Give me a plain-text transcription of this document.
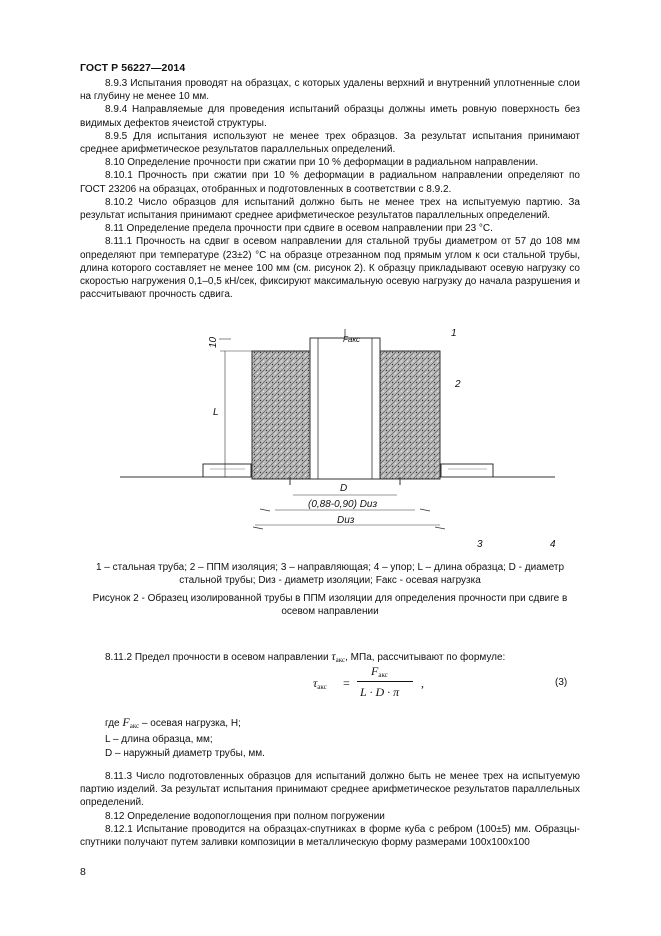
ГОСТ Р 56227—2014

8.9.3 Испытания проводят на образцах, с которых удалены верхний и внутренний уплотненные слои на глубину не менее 10 мм.

8.9.4 Направляемые для проведения испытаний образцы должны иметь ровную поверхность без видимых дефектов ячеистой структуры.

8.9.5 Для испытания используют не менее трех образцов. За результат испытания принимают среднее арифметическое результатов параллельных определений.

8.10 Определение прочности при сжатии при 10 % деформации в радиальном направлении.

8.10.1 Прочность при сжатии при 10 % деформации в радиальном направлении определяют по ГОСТ 23206 на образцах, отобранных и подготовленных в соответствии с 8.9.2.

8.10.2 Число образцов для испытаний должно быть не менее трех на испытуемую партию. За результат испытания принимают среднее арифметическое результатов параллельных определений.

8.11 Определение предела прочности при сдвиге в осевом направлении при 23 °С.

8.11.1 Прочность на сдвиг в осевом направлении для стальной трубы диаметром от 57 до 108 мм определяют при температуре (23±2) °С на образце отрезанном под прямым углом к оси стальной трубы, длина которого составляет не менее 100 мм (см. рисунок 2). К образцу прикладывают осевую нагрузку со скоростью нагружения 0,1–0,5 кН/сек, фиксируют максимальную осевую нагрузку до начала разрушения и рассчитывают прочность сдвига.

Fакс
1
2
10
L
D
(0,88-0,90) Dиз
Dиз
3	4
1 – стальная труба; 2 – ППМ изоляция; 3 – направляющая; 4 – упор; L – длина образца; D - диаметр стальной трубы; Dиз - диаметр изоляции; Fакс - осевая нагрузка
Рисунок 2 - Образец изолированной трубы в ППМ изоляции для определения прочности при сдвиге в осевом направлении
8.11.2 Предел прочности в осевом направлении $\tau_{акс}$, МПа, рассчитывают по формуле:
$\tau_{акс}$ =
$F_{акс}$
L · D · π
,	(3)
где $F_{акс}$ – осевая нагрузка, Н;
L – длина образца, мм;
D – наружный диаметр трубы, мм.

8.11.3 Число подготовленных образцов для испытаний должно быть не менее трех на испытуемую партию изделий. За результат испытания принимают среднее арифметическое результатов параллельных определений.

8.12 Определение водопоглощения при полном погружении

8.12.1 Испытание проводится на образцах-спутниках в форме куба с ребром (100±5) мм. Образцы-спутники получают путем заливки композиции в металлическую форму размерами 100х100х100

8
